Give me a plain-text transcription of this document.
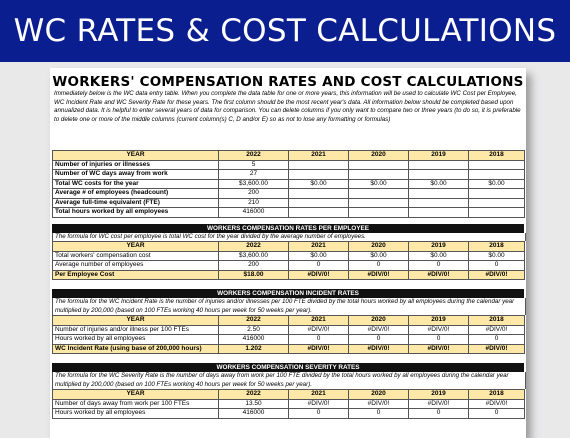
WC RATES & COST CALCULATIONS
WORKERS' COMPENSATION RATES AND COST CALCULATIONS
Immediately below is the WC data entry table. When you complete the data table for one or more years, this information will be used to calculate WC Cost per Employee, WC Incident Rate and WC Severity Rate for these years. The first column should be the most recent year's data. All information below should be completed based upon annualized data. It is helpful to enter several years of data for comparison. You can delete columns if you only want to compare two or three years (to do so, it is preferable to delete one or more of the middle columns (current column(s) C, D and/or E) so as not to lose any formatting or formulas)
YEAR	2022	2021	2020	2019	2018
Number of injuries or illnesses	5				
Number of WC days away from work	27				
Total WC costs for the year	$3,600.00	$0.00	$0.00	$0.00	$0.00
Average # of employees (headcount)	200				
Average full-time equivalent (FTE)	210				
Total hours worked by all employees	416000				
WORKERS COMPENSATION RATES PER EMPLOYEE
The formula for WC cost per employee is total WC cost for the year divided by the average number of employees.
YEAR	2022	2021	2020	2019	2018
Total workers' compensation cost	$3,600.00	$0.00	$0.00	$0.00	$0.00
Average number of employees	200	0	0	0	0
Per Employee Cost	$18.00	#DIV/0!	#DIV/0!	#DIV/0!	#DIV/0!
WORKERS COMPENSATION INCIDENT RATES
The formula for the WC Incident Rate is the number of injuries and/or illnesses per 100 FTE divided by the total hours worked by all employees during the calendar year multiplied by 200,000 (based on 100 FTEs working 40 hours per week for 50 weeks per year).
YEAR	2022	2021	2020	2019	2018
Number of injuries and/or illness per 100 FTEs	2.50	#DIV/0!	#DIV/0!	#DIV/0!	#DIV/0!
Hours worked by all employees	416000	0	0	0	0
WC Incident Rate (using base of 200,000 hours)	1.202	#DIV/0!	#DIV/0!	#DIV/0!	#DIV/0!
WORKERS COMPENSATION SEVERITY RATES
The formula for the WC Severity Rate is the number of days away from work per 100 FTE divided by the total hours worked by all employees during the calendar year multiplied by 200,000 (based on 100 FTEs working 40 hours per week for 50 weeks per year).
YEAR	2022	2021	2020	2019	2018
Number of days away from work per 100 FTEs	13.50	#DIV/0!	#DIV/0!	#DIV/0!	#DIV/0!
Hours worked by all employees	416000	0	0	0	0
